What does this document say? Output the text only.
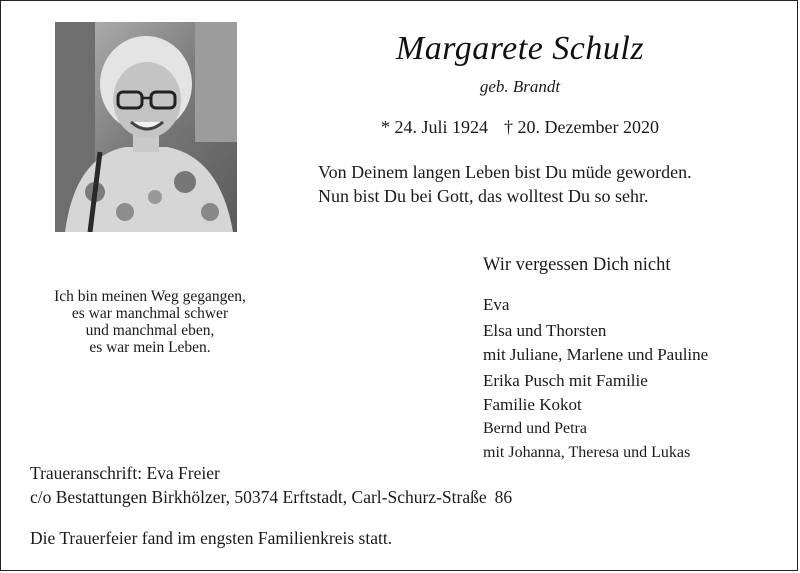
Margarete Schulz
geb. Brandt
* 24. Juli 1924 † 20. Dezember 2020
Von Deinem langen Leben bist Du müde geworden.
Nun bist Du bei Gott, das wolltest Du so sehr.
Ich bin meinen Weg gegangen,
es war manchmal schwer
und manchmal eben,
es war mein Leben.
Wir vergessen Dich nicht
Eva
Elsa und Thorsten
mit Juliane, Marlene und Pauline
Erika Pusch mit Familie
Familie Kokot
Bernd und Petra
mit Johanna, Theresa und Lukas
Traueranschrift: Eva Freier
c/o Bestattungen Birkhölzer, 50374 Erftstadt, Carl-Schurz-Straße 86
Die Trauerfeier fand im engsten Familienkreis statt.
